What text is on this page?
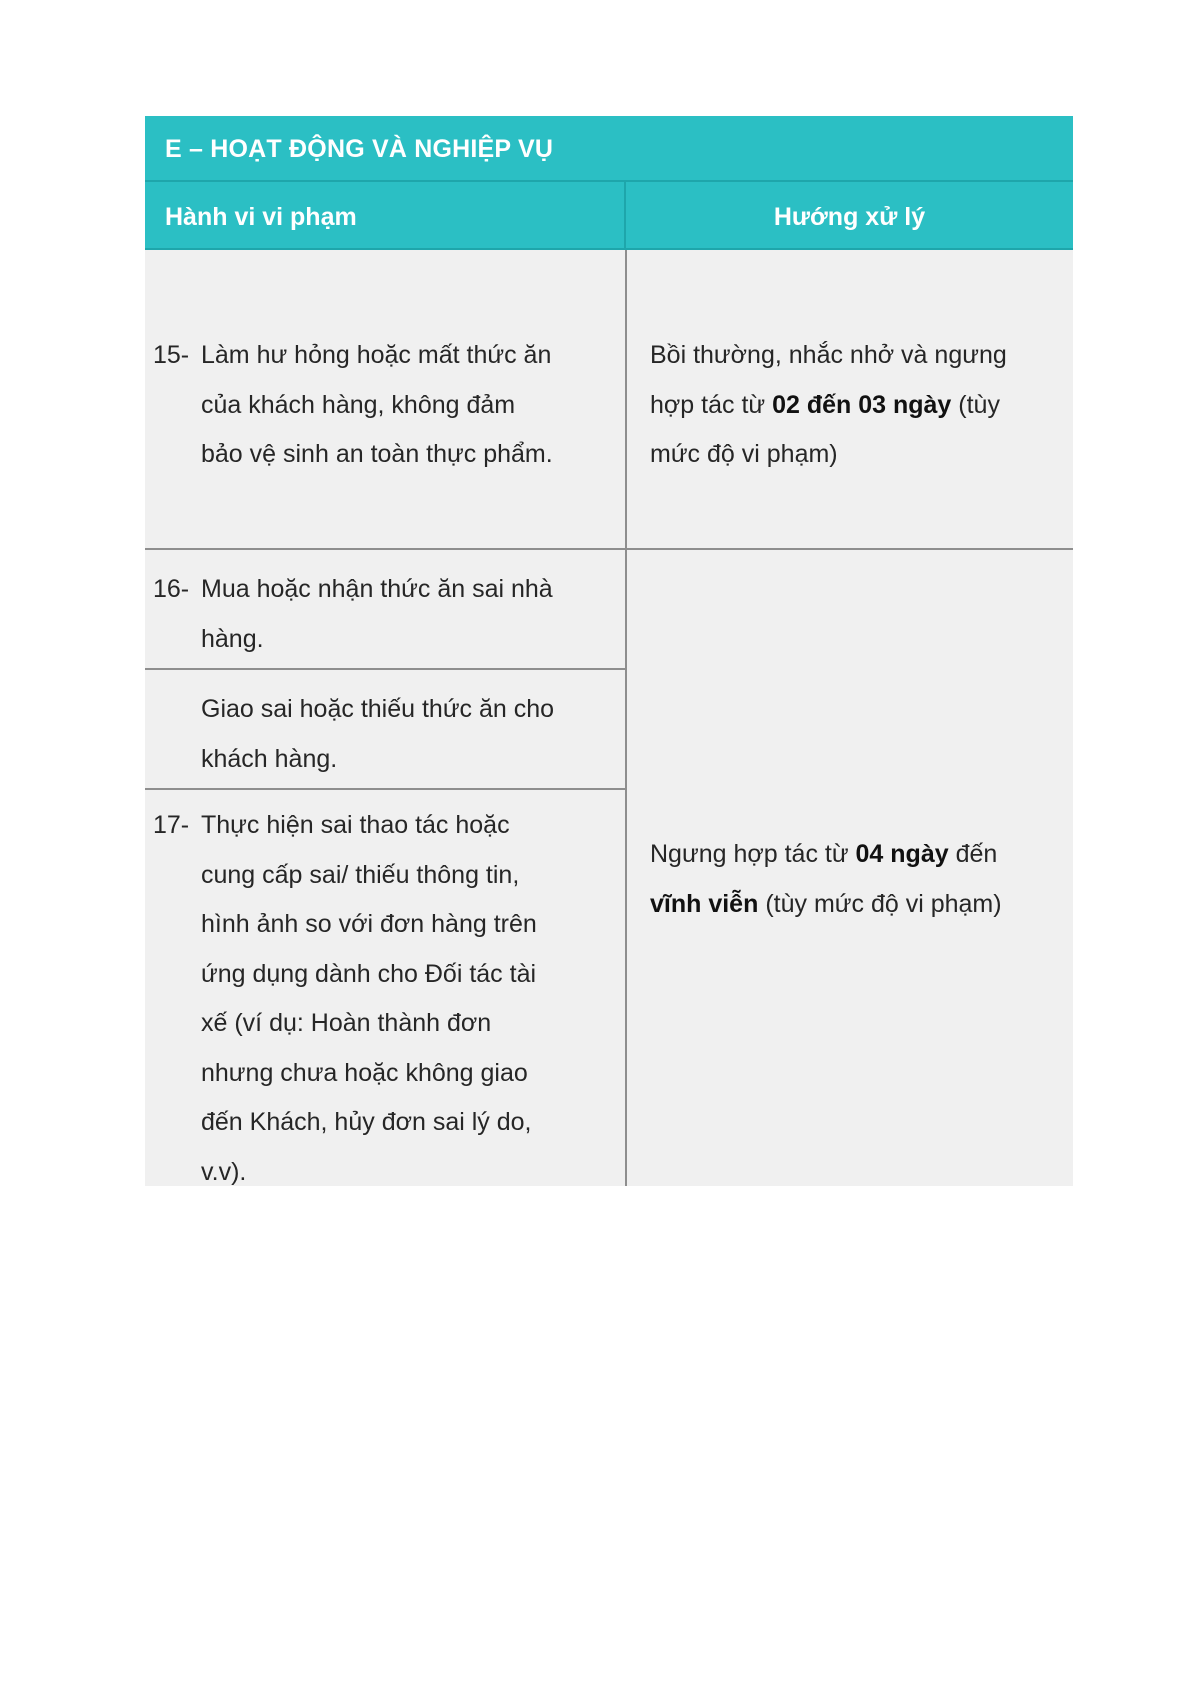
E – HOẠT ĐỘNG VÀ NGHIỆP VỤ
Hành vi vi phạm	Hướng xử lý
15- Làm hư hỏng hoặc mất thức ăn
của khách hàng, không đảm
bảo vệ sinh an toàn thực phẩm.
Bồi thường, nhắc nhở và ngưng
hợp tác từ 02 đến 03 ngày (tùy
mức độ vi phạm)
16- Mua hoặc nhận thức ăn sai nhà
hàng.
Giao sai hoặc thiếu thức ăn cho
khách hàng.
17- Thực hiện sai thao tác hoặc
cung cấp sai/ thiếu thông tin,
hình ảnh so với đơn hàng trên
ứng dụng dành cho Đối tác tài
xế (ví dụ: Hoàn thành đơn
nhưng chưa hoặc không giao
đến Khách, hủy đơn sai lý do,
v.v).
Ngưng hợp tác từ 04 ngày đến
vĩnh viễn (tùy mức độ vi phạm)
